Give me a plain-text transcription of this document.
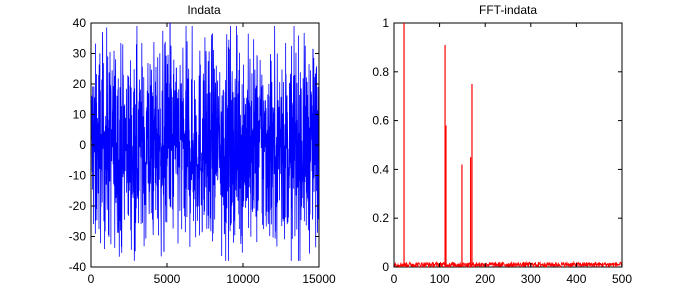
Indata
0	5000	10000	15000
-40
-30
-20
-10
0
10
20
30
40
FFT-indata
0	100 200 300 400 500
0
0.2
0.4
0.6
0.8
1
